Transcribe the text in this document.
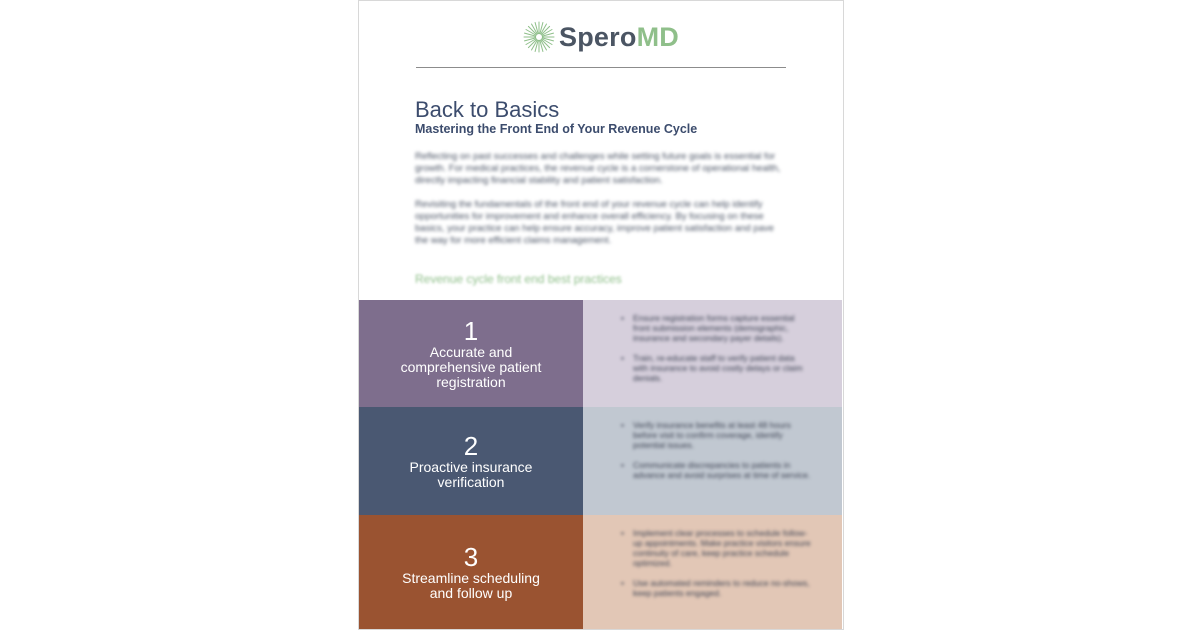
SperoMD
Back to Basics
Mastering the Front End of Your Revenue Cycle
Reflecting on past successes and challenges while setting future goals is essential for growth. For medical practices, the revenue cycle is a cornerstone of operational health, directly impacting financial stability and patient satisfaction.
Revisiting the fundamentals of the front end of your revenue cycle can help identify opportunities for improvement and enhance overall efficiency. By focusing on these basics, your practice can help ensure accuracy, improve patient satisfaction and pave the way for more efficient claims management.
Revenue cycle front end best practices
1
Accurate and comprehensive patient registration
• Ensure registration forms capture essential front submission elements (demographic, insurance and secondary payer details).
• Train, re-educate staff to verify patient data with insurance to avoid costly delays or claim denials.
2
Proactive insurance verification
• Verify insurance benefits at least 48 hours before visit to confirm coverage, identify potential issues.
• Communicate discrepancies to patients in advance and avoid surprises at time of service.
3
Streamline scheduling and follow up
• Implement clear processes to schedule follow-up appointments. Make practice visitors ensure continuity of care, keep practice schedule optimized.
• Use automated reminders to reduce no-shows, keep patients engaged.
